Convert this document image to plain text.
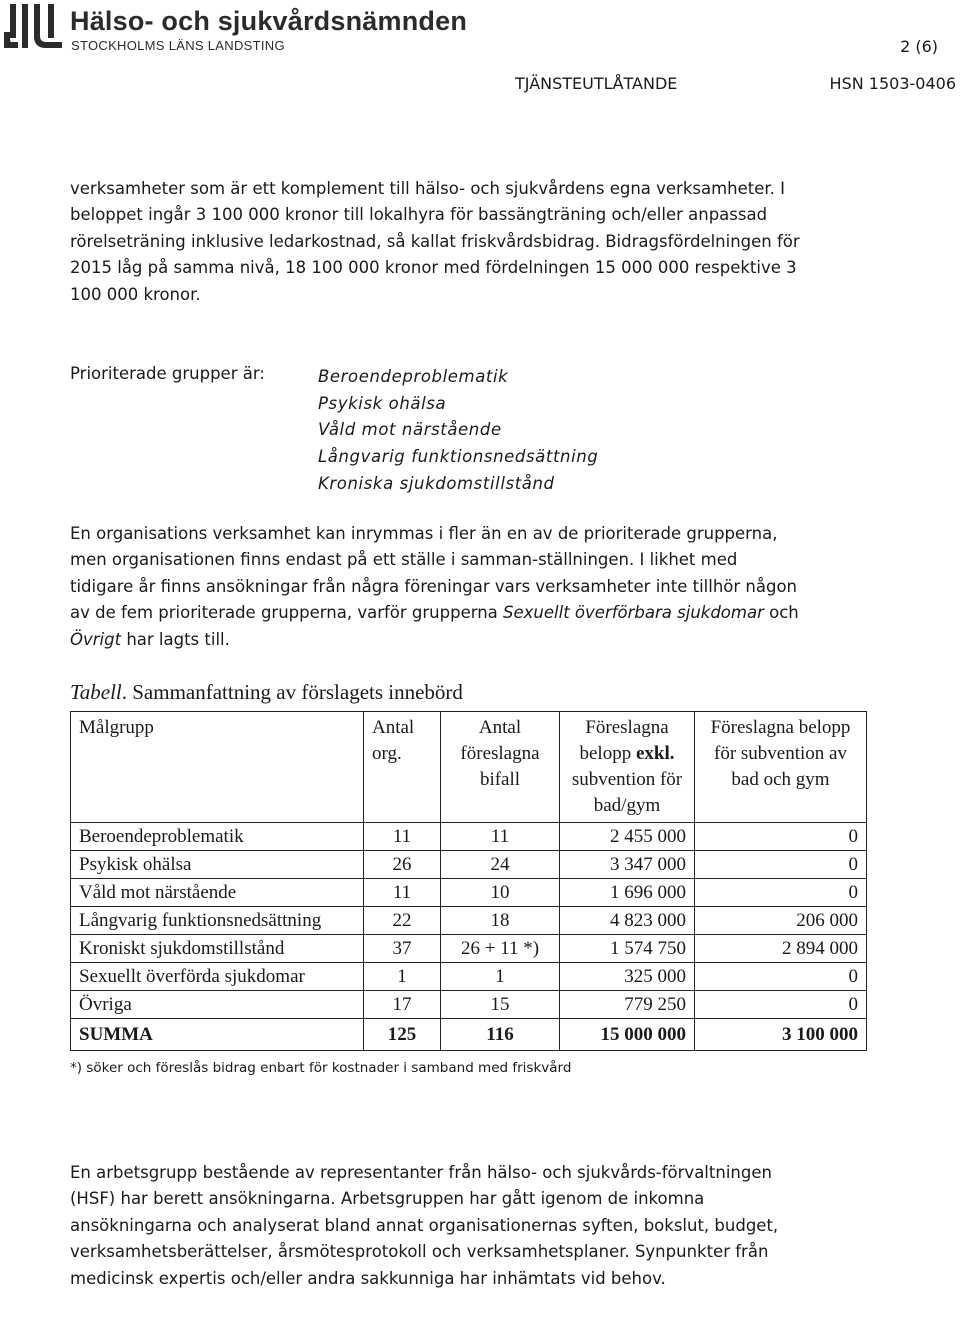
Hälso- och sjukvårdsnämnden
STOCKHOLMS LÄNS LANDSTING	2 (6)
TJÄNSTEUTLÅTANDE	HSN 1503-0406

verksamheter som är ett komplement till hälso- och sjukvårdens egna verksamheter. I beloppet ingår 3 100 000 kronor till lokalhyra för bassängträning och/eller anpassad rörelseträning inklusive ledarkostnad, så kallat friskvårdsbidrag. Bidragsfördelningen för 2015 låg på samma nivå, 18 100 000 kronor med fördelningen 15 000 000 respektive 3 100 000 kronor.

Prioriterade grupper är:	Beroendeproblematik
Psykisk ohälsa
Våld mot närstående
Långvarig funktionsnedsättning
Kroniska sjukdomstillstånd

En organisations verksamhet kan inrymmas i fler än en av de prioriterade grupperna, men organisationen finns endast på ett ställe i samman-ställningen. I likhet med tidigare år finns ansökningar från några föreningar vars verksamheter inte tillhör någon av de fem prioriterade grupperna, varför grupperna Sexuellt överförbara sjukdomar och Övrigt har lagts till.

Tabell. Sammanfattning av förslagets innebörd
Målgrupp	Antal org.	Antal föreslagna bifall	Föreslagna belopp exkl. subvention för bad/gym	Föreslagna belopp för subvention av bad och gym
Beroendeproblematik	11	11	2 455 000	0
Psykisk ohälsa	26	24	3 347 000	0
Våld mot närstående	11	10	1 696 000	0
Långvarig funktionsnedsättning	22	18	4 823 000	206 000
Kroniskt sjukdomstillstånd	37	26 + 11 *)	1 574 750	2 894 000
Sexuellt överförda sjukdomar	1	1	325 000	0
Övriga	17	15	779 250	0
SUMMA	125	116	15 000 000	3 100 000
*) söker och föreslås bidrag enbart för kostnader i samband med friskvård

En arbetsgrupp bestående av representanter från hälso- och sjukvårds-förvaltningen (HSF) har berett ansökningarna. Arbetsgruppen har gått igenom de inkomna ansökningarna och analyserat bland annat organisationernas syften, bokslut, budget, verksamhetsberättelser, årsmötesprotokoll och verksamhetsplaner. Synpunkter från medicinsk expertis och/eller andra sakkunniga har inhämtats vid behov.
